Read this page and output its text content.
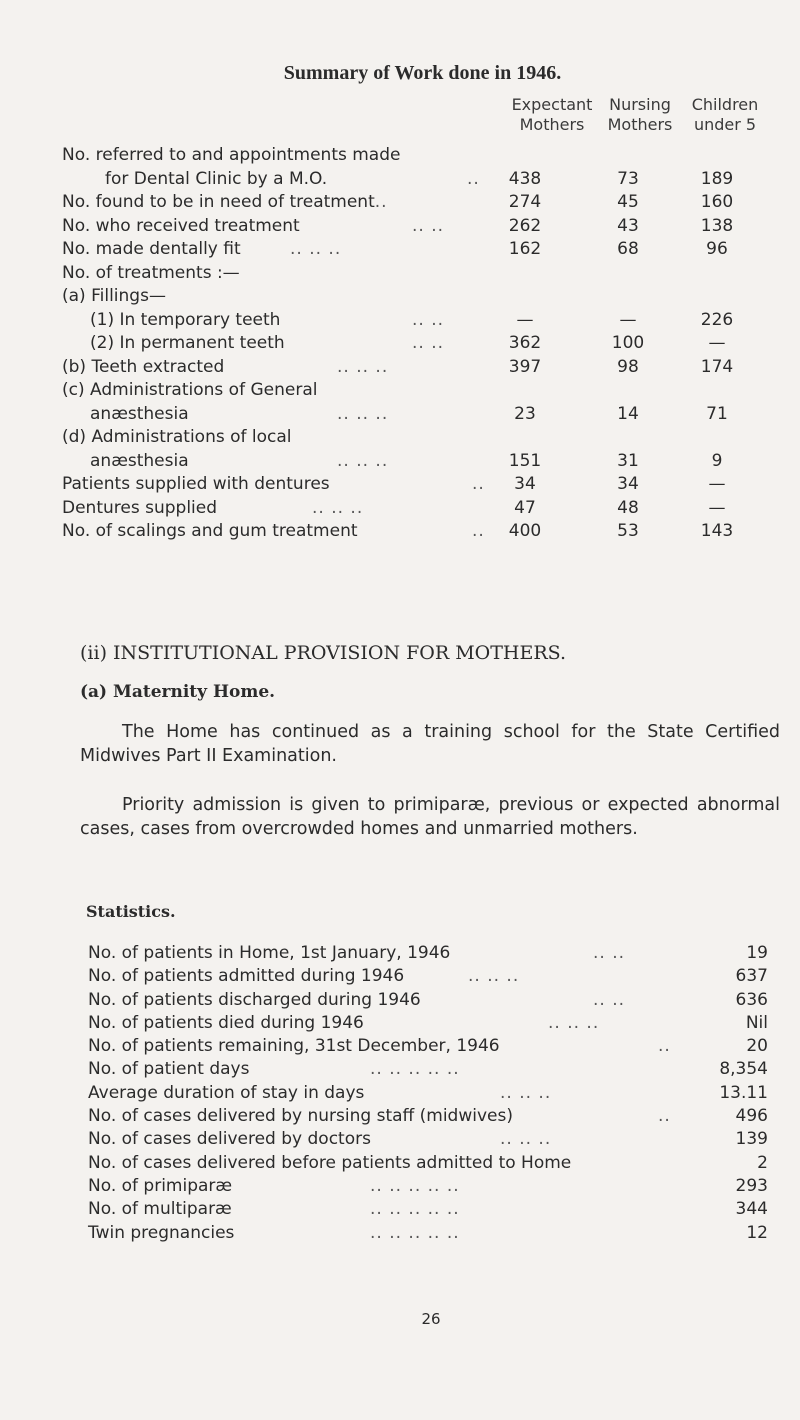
Summary of Work done in 1946.
Expectant
Mothers
Nursing
Mothers
Children
under 5
No. referred to and appointments made
for Dental Clinic by a M.O.	..	438	73	189
No. found to be in need of treatment..	274	45	160
No. who received treatment	.. ..	262	43	138
No. made dentally fit	.. .. ..	162	68	96
No. of treatments :—
(a) Fillings—
(1) In temporary teeth	.. ..	—	—	226
(2) In permanent teeth	.. ..	362	100	—
(b) Teeth extracted	.. .. ..	397	98	174
(c) Administrations of General
anæsthesia	.. .. ..	23	14	71
(d) Administrations of local
anæsthesia	.. .. ..	151	31	9
Patients supplied with dentures	..	34	34	—
Dentures supplied	.. .. ..	47	48	—
No. of scalings and gum treatment	..	400	53	143
(ii) INSTITUTIONAL PROVISION FOR MOTHERS.
(a) Maternity Home.
The Home has continued as a training school for the State Certified Midwives Part II Examination.
Priority admission is given to primiparæ, previous or expected abnormal cases, cases from overcrowded homes and unmarried mothers.
Statistics.
No. of patients in Home, 1st January, 1946	.. ..	19
No. of patients admitted during 1946	.. .. ..	637
No. of patients discharged during 1946	.. ..	636
No. of patients died during 1946	.. .. ..	Nil
No. of patients remaining, 31st December, 1946	..	20
No. of patient days	.. .. .. .. ..	8,354
Average duration of stay in days	.. .. ..	13.11
No. of cases delivered by nursing staff (midwives)	..	496
No. of cases delivered by doctors	.. .. ..	139
No. of cases delivered before patients admitted to Home	2
No. of primiparæ	.. .. .. .. ..	293
No. of multiparæ	.. .. .. .. ..	344
Twin pregnancies	.. .. .. .. ..	12
26
